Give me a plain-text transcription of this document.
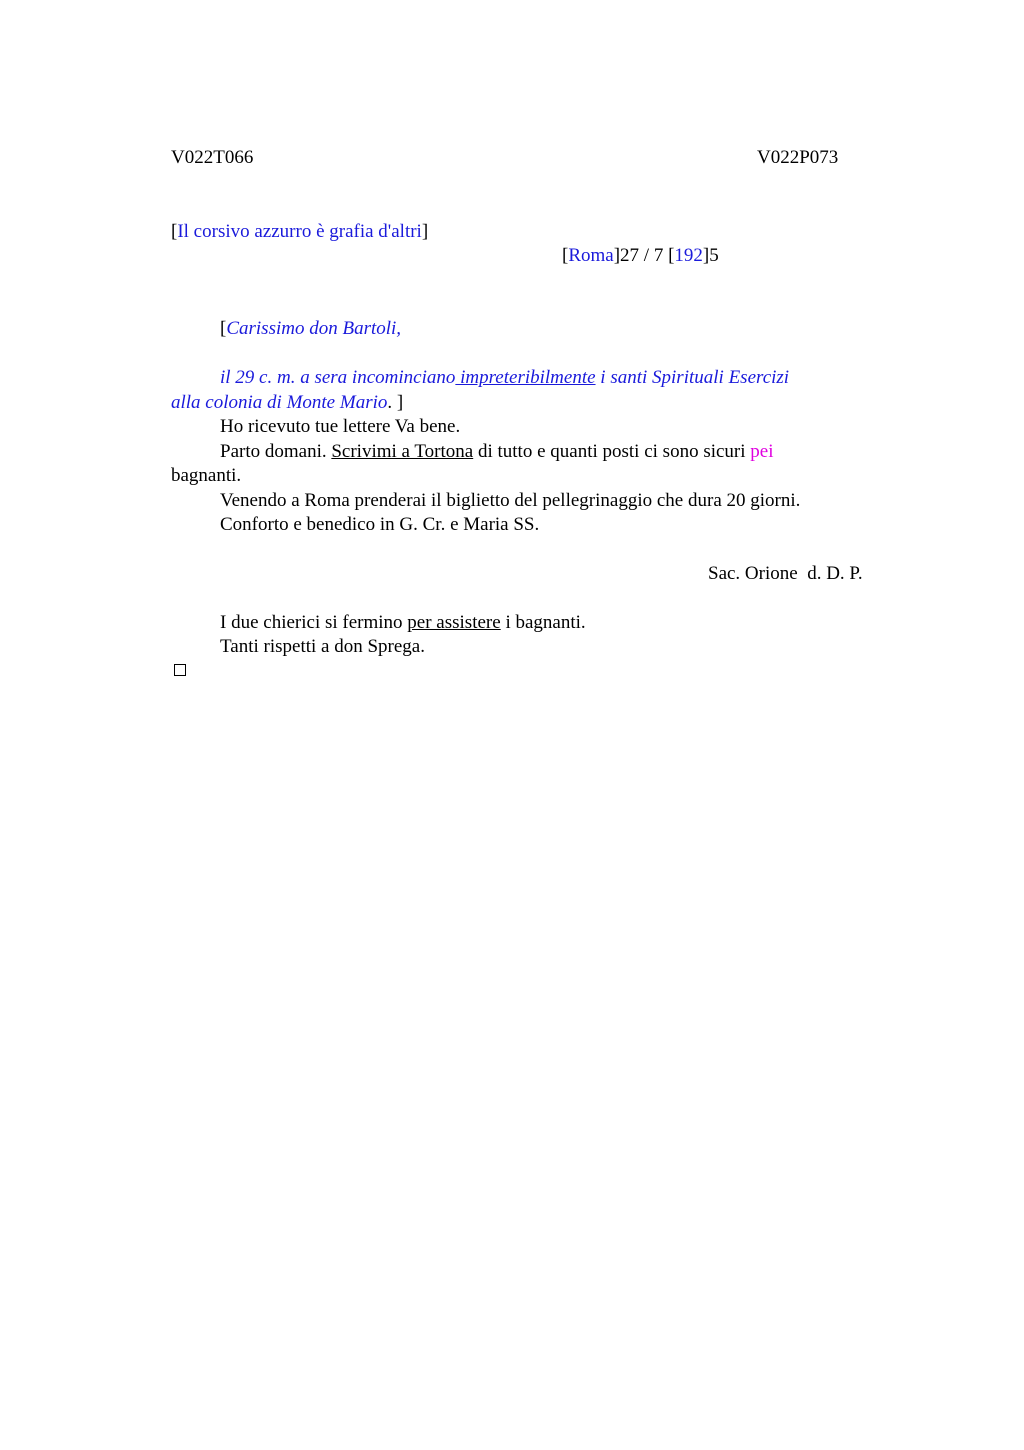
V022T066	V022P073
[Il corsivo azzurro è grafia d'altri]
[Roma]27 / 7 [192]5
[Carissimo don Bartoli,
il 29 c. m. a sera incominciano impreteribilmente i santi Spirituali Esercizi
alla colonia di Monte Mario. ]
Ho ricevuto tue lettere Va bene.
Parto domani. Scrivimi a Tortona di tutto e quanti posti ci sono sicuri pei
bagnanti.
Venendo a Roma prenderai il biglietto del pellegrinaggio che dura 20 giorni.
Conforto e benedico in G. Cr. e Maria SS.
Sac. Orione  d. D. P.
I due chierici si fermino per assistere i bagnanti.
Tanti rispetti a don Sprega.
